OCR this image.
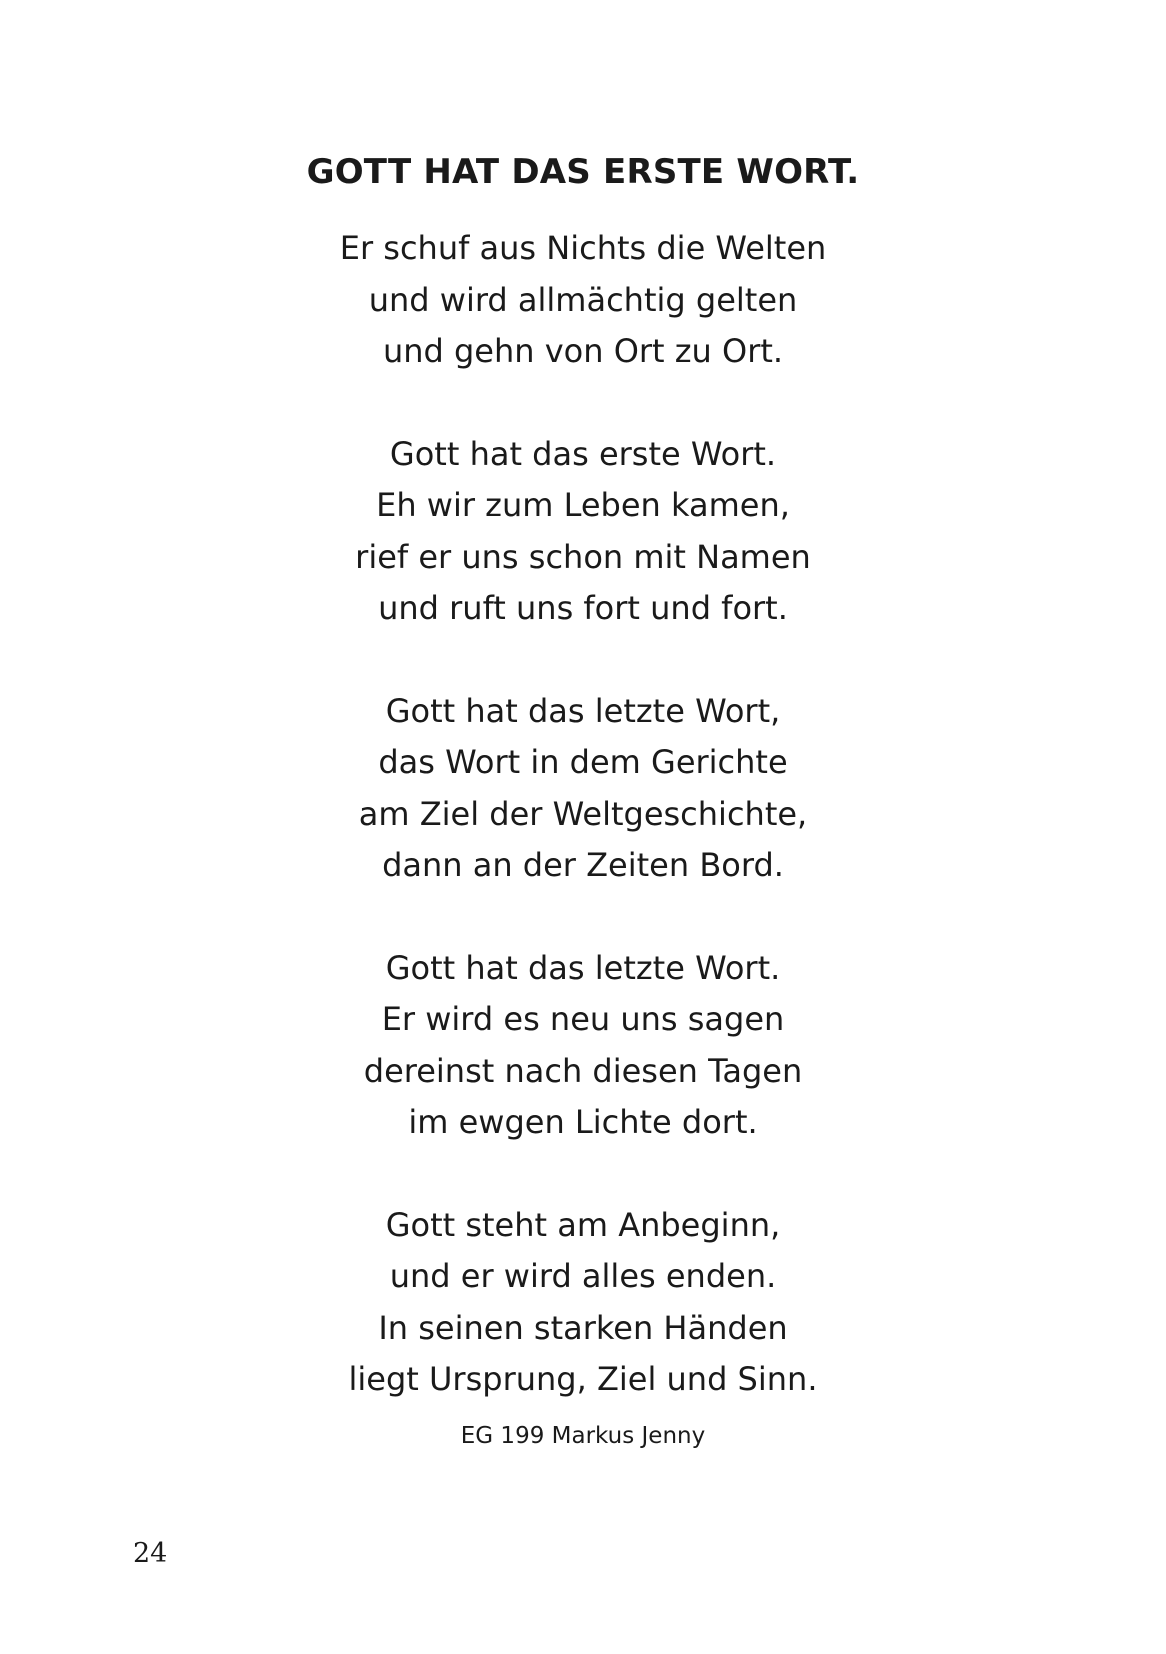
GOTT HAT DAS ERSTE WORT.

Er schuf aus Nichts die Welten
und wird allmächtig gelten
und gehn von Ort zu Ort.

Gott hat das erste Wort.
Eh wir zum Leben kamen,
rief er uns schon mit Namen
und ruft uns fort und fort.

Gott hat das letzte Wort,
das Wort in dem Gerichte
am Ziel der Weltgeschichte,
dann an der Zeiten Bord.

Gott hat das letzte Wort.
Er wird es neu uns sagen
dereinst nach diesen Tagen
im ewgen Lichte dort.

Gott steht am Anbeginn,
und er wird alles enden.
In seinen starken Händen
liegt Ursprung, Ziel und Sinn.

EG 199 Markus Jenny
24
